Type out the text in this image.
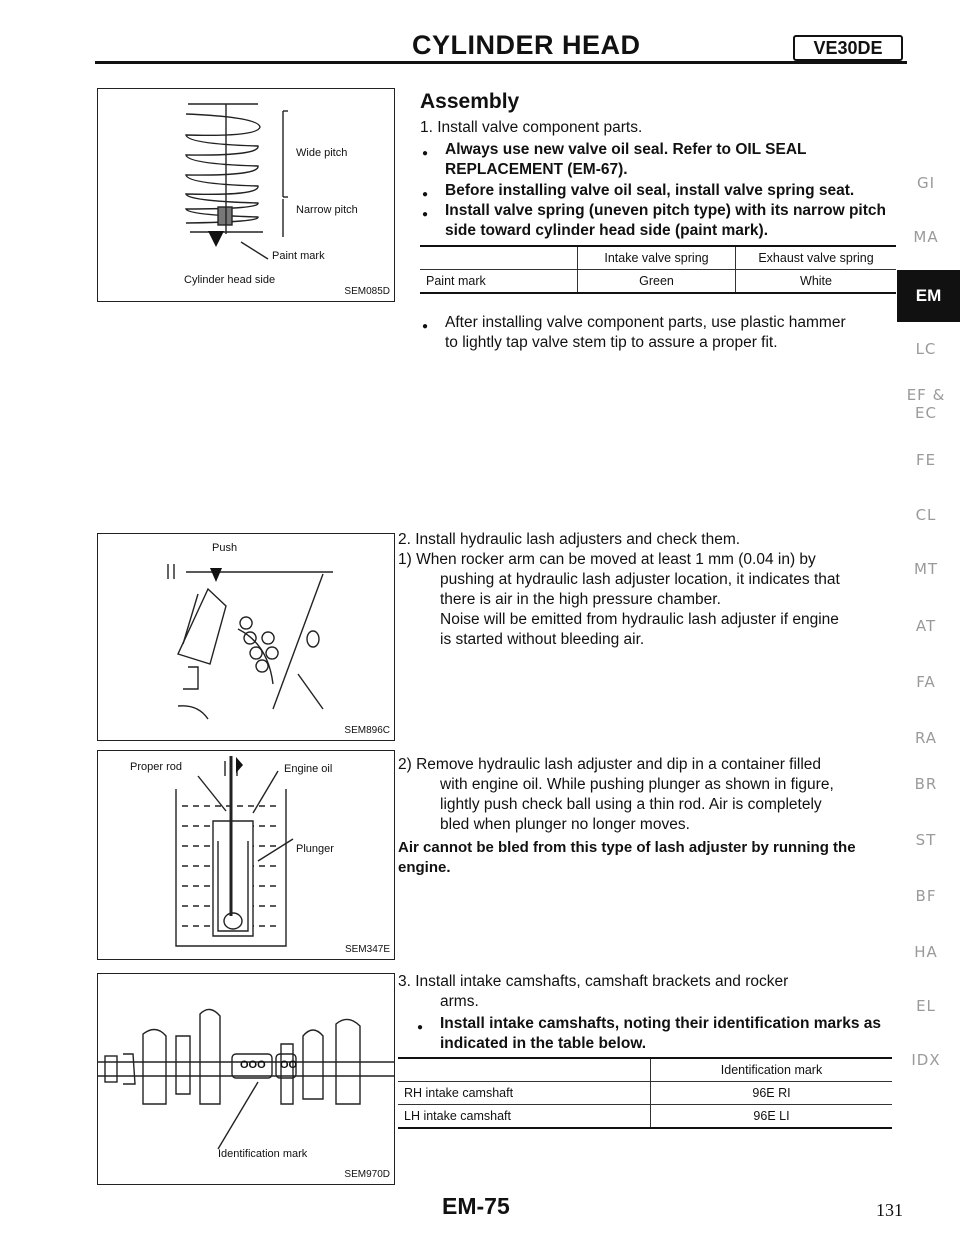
CYLINDER HEAD	VE30DE
Wide pitch
Narrow pitch
Paint mark
Cylinder head side
SEM085D
Push
SEM896C
Proper rod	Engine oil
Plunger
SEM347E
OOO OO
Identification mark
SEM970D
Assembly
1. Install valve component parts.
● Always use new valve oil seal. Refer to OIL SEAL
REPLACEMENT (EM-67).
● Before installing valve oil seal, install valve spring seat.
● Install valve spring (uneven pitch type) with its narrow pitch
side toward cylinder head side (paint mark).
	Intake valve spring	Exhaust valve spring
Paint mark	Green	White
● After installing valve component parts, use plastic hammer
to lightly tap valve stem tip to assure a proper fit.
2. Install hydraulic lash adjusters and check them.
1) When rocker arm can be moved at least 1 mm (0.04 in) by
pushing at hydraulic lash adjuster location, it indicates that
there is air in the high pressure chamber.
Noise will be emitted from hydraulic lash adjuster if engine
is started without bleeding air.
2) Remove hydraulic lash adjuster and dip in a container filled
with engine oil. While pushing plunger as shown in figure,
lightly push check ball using a thin rod. Air is completely
bled when plunger no longer moves.
Air cannot be bled from this type of lash adjuster by running the
engine.
3. Install intake camshafts, camshaft brackets and rocker
arms.
● Install intake camshafts, noting their identification marks as
indicated in the table below.
	Identification mark
RH intake camshaft	96E RI
LH intake camshaft	96E LI
GI
MA
EM
LC
EF &
EC
FE
CL
MT
AT
FA
RA
BR
ST
BF
HA
EL
IDX
EM-75	131
